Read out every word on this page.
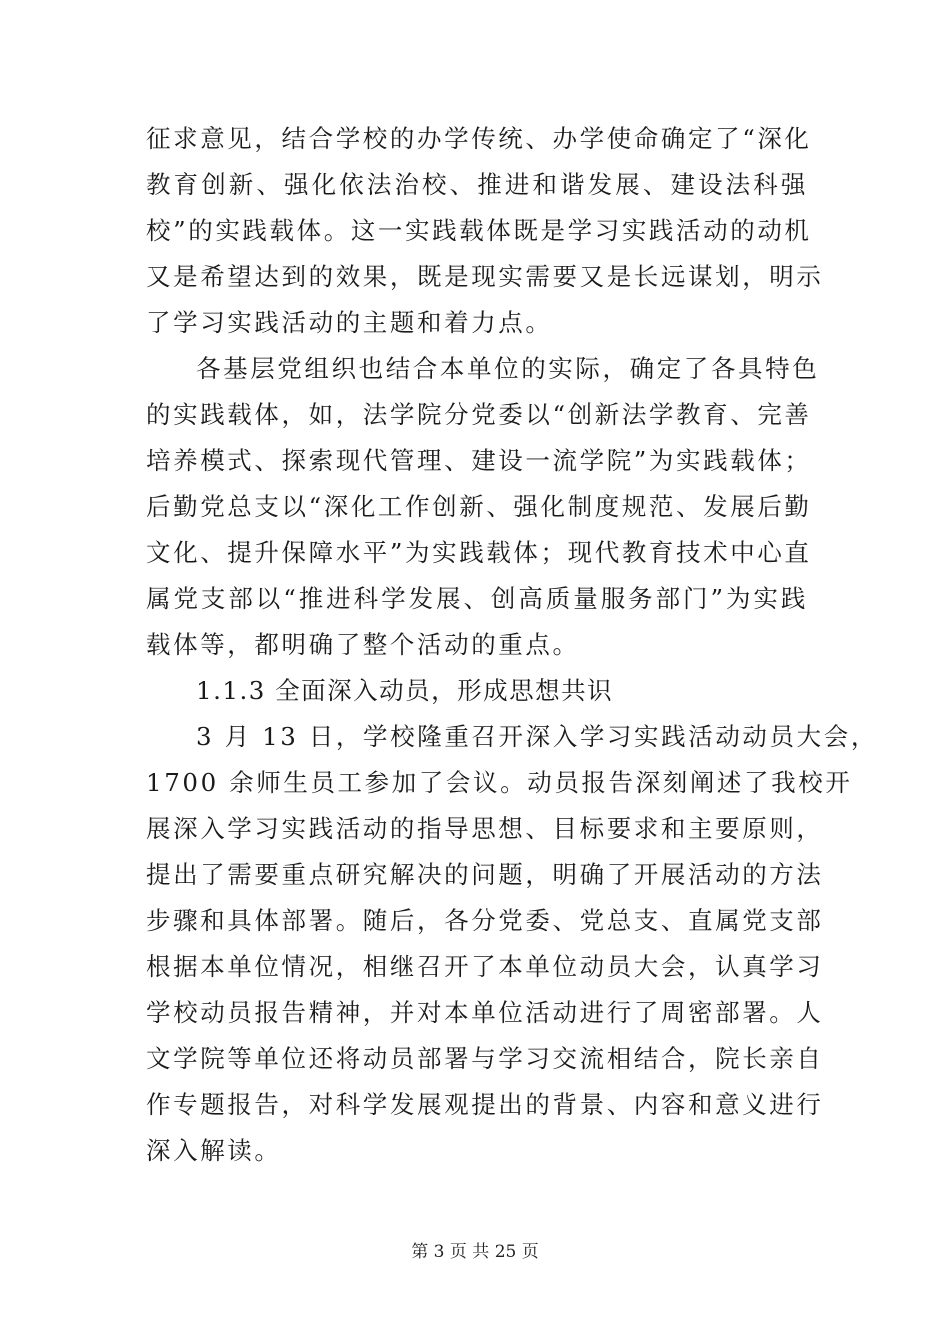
征求意见，结合学校的办学传统、办学使命确定了“深化
教育创新、强化依法治校、推进和谐发展、建设法科强
校”的实践载体。这一实践载体既是学习实践活动的动机
又是希望达到的效果，既是现实需要又是长远谋划，明示
了学习实践活动的主题和着力点。
各基层党组织也结合本单位的实际，确定了各具特色
的实践载体，如，法学院分党委以“创新法学教育、完善
培养模式、探索现代管理、建设一流学院”为实践载体；
后勤党总支以“深化工作创新、强化制度规范、发展后勤
文化、提升保障水平”为实践载体；现代教育技术中心直
属党支部以“推进科学发展、创高质量服务部门”为实践
载体等，都明确了整个活动的重点。
1.1.3 全面深入动员，形成思想共识
3 月 13 日，学校隆重召开深入学习实践活动动员大会，
1700 余师生员工参加了会议。动员报告深刻阐述了我校开
展深入学习实践活动的指导思想、目标要求和主要原则，
提出了需要重点研究解决的问题，明确了开展活动的方法
步骤和具体部署。随后，各分党委、党总支、直属党支部
根据本单位情况，相继召开了本单位动员大会，认真学习
学校动员报告精神，并对本单位活动进行了周密部署。人
文学院等单位还将动员部署与学习交流相结合，院长亲自
作专题报告，对科学发展观提出的背景、内容和意义进行
深入解读。
第 3 页 共 25 页
